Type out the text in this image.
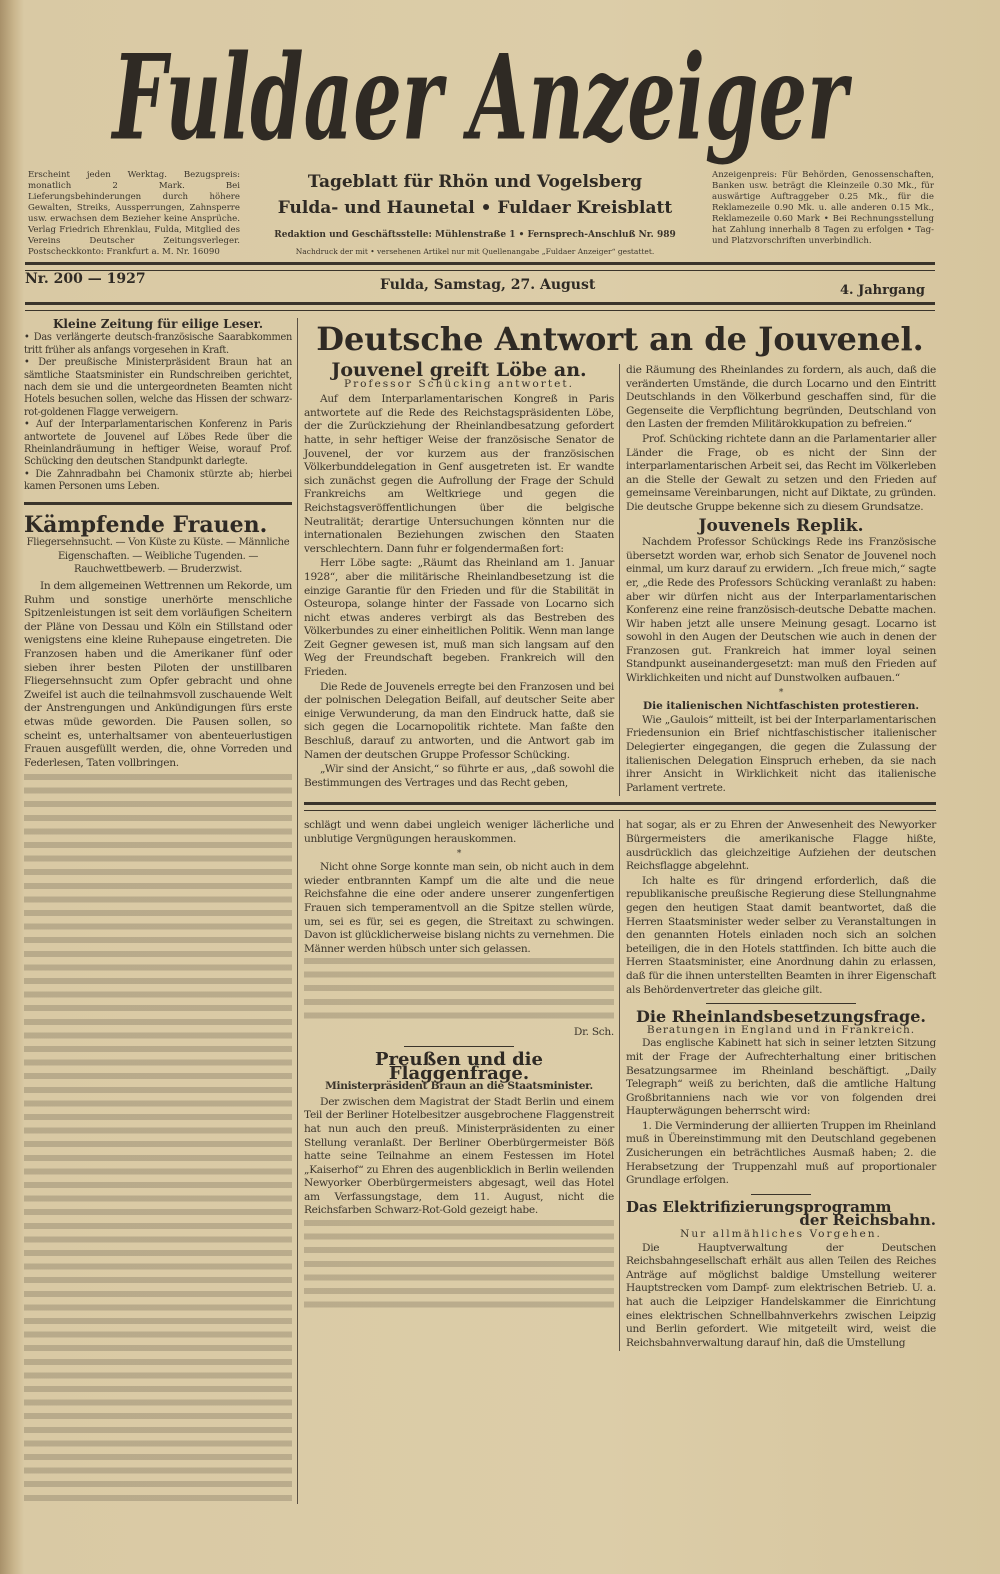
Fuldaer Anzeiger
Erscheint jeden Werktag. Bezugspreis: monatlich 2 Mark. Bei Lieferungsbehinderungen durch höhere Gewalten, Streiks, Aussperrungen, Zahnsperre usw. erwachsen dem Bezieher keine Ansprüche. Verlag Friedrich Ehrenklau, Fulda, Mitglied des Vereins Deutscher Zeitungsverleger. Postscheckkonto: Frankfurt a. M. Nr. 16090
Tageblatt für Rhön und Vogelsberg
Fulda- und Haunetal • Fuldaer Kreisblatt
Redaktion und Geschäftsstelle: Mühlenstraße 1 • Fernsprech-Anschluß Nr. 989
Nachdruck der mit • versehenen Artikel nur mit Quellenangabe „Fuldaer Anzeiger“ gestattet.
Anzeigenpreis: Für Behörden, Genossenschaften, Banken usw. beträgt die Kleinzeile 0.30 Mk., für auswärtige Auftraggeber 0.25 Mk., für die Reklamezeile 0.90 Mk. u. alle anderen 0.15 Mk., Reklamezeile 0.60 Mark • Bei Rechnungsstellung hat Zahlung innerhalb 8 Tagen zu erfolgen • Tag- und Platzvorschriften unverbindlich.
Nr. 200 — 1927	Fulda, Samstag, 27. August	4. Jahrgang
Kleine Zeitung für eilige Leser.
• Das verlängerte deutsch-französische Saarabkommen tritt früher als anfangs vorgesehen in Kraft.
• Der preußische Ministerpräsident Braun hat an sämtliche Staatsminister ein Rundschreiben gerichtet, nach dem sie und die untergeordneten Beamten nicht Hotels besuchen sollen, welche das Hissen der schwarz-rot-goldenen Flagge verweigern.
• Auf der Interparlamentarischen Konferenz in Paris antwortete de Jouvenel auf Löbes Rede über die Rheinlandräumung in heftiger Weise, worauf Prof. Schücking den deutschen Standpunkt darlegte.
• Die Zahnradbahn bei Chamonix stürzte ab; hierbei kamen Personen ums Leben.
Kämpfende Frauen.
Fliegersehnsucht. — Von Küste zu Küste. — Männliche Eigenschaften. — Weibliche Tugenden. — Rauchwettbewerb. — Bruderzwist.

In dem allgemeinen Wettrennen um Rekorde, um Ruhm und sonstige unerhörte menschliche Spitzenleistungen ist seit dem vorläufigen Scheitern der Pläne von Dessau und Köln ein Stillstand oder wenigstens eine kleine Ruhepause eingetreten. Die Franzosen haben und die Amerikaner fünf oder sieben ihrer besten Piloten der unstillbaren Fliegersehnsucht zum Opfer gebracht und ohne Zweifel ist auch die teilnahmsvoll zuschauende Welt der Anstrengungen und Ankündigungen fürs erste etwas müde geworden. Die Pausen sollen, so scheint es, unterhaltsamer von abenteuerlustigen Frauen ausgefüllt werden, die, ohne Vorreden und Federlesen, Taten vollbringen.

Deutsche Antwort an de Jouvenel.
Jouvenel greift Löbe an.
Professor Schücking antwortet.

Auf dem Interparlamentarischen Kongreß in Paris antwortete auf die Rede des Reichstagspräsidenten Löbe, der die Zurückziehung der Rheinlandbesatzung gefordert hatte, in sehr heftiger Weise der französische Senator de Jouvenel, der vor kurzem aus der französischen Völkerbunddelegation in Genf ausgetreten ist. Er wandte sich zunächst gegen die Aufrollung der Frage der Schuld Frankreichs am Weltkriege und gegen die Reichstagsveröffentlichungen über die belgische Neutralität; derartige Untersuchungen könnten nur die internationalen Beziehungen zwischen den Staaten verschlechtern. Dann fuhr er folgendermaßen fort:

Herr Löbe sagte: „Räumt das Rheinland am 1. Januar 1928“, aber die militärische Rheinlandbesetzung ist die einzige Garantie für den Frieden und für die Stabilität in Osteuropa, solange hinter der Fassade von Locarno sich nicht etwas anderes verbirgt als das Bestreben des Völkerbundes zu einer einheitlichen Politik. Wenn man lange Zeit Gegner gewesen ist, muß man sich langsam auf den Weg der Freundschaft begeben. Frankreich will den Frieden.

Die Rede de Jouvenels erregte bei den Franzosen und bei der polnischen Delegation Beifall, auf deutscher Seite aber einige Verwunderung, da man den Eindruck hatte, daß sie sich gegen die Locarnopolitik richtete. Man faßte den Beschluß, darauf zu antworten, und die Antwort gab im Namen der deutschen Gruppe Professor Schücking.

„Wir sind der Ansicht,“ so führte er aus, „daß sowohl die Bestimmungen des Vertrages und das Recht geben,

die Räumung des Rheinlandes zu fordern, als auch, daß die veränderten Umstände, die durch Locarno und den Eintritt Deutschlands in den Völkerbund geschaffen sind, für die Gegenseite die Verpflichtung begründen, Deutschland von den Lasten der fremden Militärokkupation zu befreien.“

Prof. Schücking richtete dann an die Parlamentarier aller Länder die Frage, ob es nicht der Sinn der interparlamentarischen Arbeit sei, das Recht im Völkerleben an die Stelle der Gewalt zu setzen und den Frieden auf gemeinsame Vereinbarungen, nicht auf Diktate, zu gründen. Die deutsche Gruppe bekenne sich zu diesem Grundsatze.

Jouvenels Replik.

Nachdem Professor Schückings Rede ins Französische übersetzt worden war, erhob sich Senator de Jouvenel noch einmal, um kurz darauf zu erwidern. „Ich freue mich,“ sagte er, „die Rede des Professors Schücking veranlaßt zu haben: aber wir dürfen nicht aus der Interparlamentarischen Konferenz eine reine französisch-deutsche Debatte machen. Wir haben jetzt alle unsere Meinung gesagt. Locarno ist sowohl in den Augen der Deutschen wie auch in denen der Franzosen gut. Frankreich hat immer loyal seinen Standpunkt auseinandergesetzt: man muß den Frieden auf Wirklichkeiten und nicht auf Dunstwolken aufbauen.“

*
Die italienischen Nichtfaschisten protestieren.

Wie „Gaulois“ mitteilt, ist bei der Interparlamentarischen Friedensunion ein Brief nichtfaschistischer italienischer Delegierter eingegangen, die gegen die Zulassung der italienischen Delegation Einspruch erheben, da sie nach ihrer Ansicht in Wirklichkeit nicht das italienische Parlament vertrete.

schlägt und wenn dabei ungleich weniger lächerliche und unblutige Vergnügungen herauskommen.

*

Nicht ohne Sorge konnte man sein, ob nicht auch in dem wieder entbrannten Kampf um die alte und die neue Reichsfahne die eine oder andere unserer zungenfertigen Frauen sich temperamentvoll an die Spitze stellen würde, um, sei es für, sei es gegen, die Streitaxt zu schwingen. Davon ist glücklicherweise bislang nichts zu vernehmen. Die Männer werden hübsch unter sich gelassen.

Dr. Sch.
Preußen und die Flaggenfrage.
Ministerpräsident Braun an die Staatsminister.

Der zwischen dem Magistrat der Stadt Berlin und einem Teil der Berliner Hotelbesitzer ausgebrochene Flaggenstreit hat nun auch den preuß. Ministerpräsidenten zu einer Stellung veranlaßt. Der Berliner Oberbürgermeister Böß hatte seine Teilnahme an einem Festessen im Hotel „Kaiserhof“ zu Ehren des augenblicklich in Berlin weilenden Newyorker Oberbürgermeisters abgesagt, weil das Hotel am Verfassungstage, dem 11. August, nicht die Reichsfarben Schwarz-Rot-Gold gezeigt habe.

hat sogar, als er zu Ehren der Anwesenheit des Newyorker Bürgermeisters die amerikanische Flagge hißte, ausdrücklich das gleichzeitige Aufziehen der deutschen Reichsflagge abgelehnt.

Ich halte es für dringend erforderlich, daß die republikanische preußische Regierung diese Stellungnahme gegen den heutigen Staat damit beantwortet, daß die Herren Staatsminister weder selber zu Veranstaltungen in den genannten Hotels einladen noch sich an solchen beteiligen, die in den Hotels stattfinden. Ich bitte auch die Herren Staatsminister, eine Anordnung dahin zu erlassen, daß für die ihnen unterstellten Beamten in ihrer Eigenschaft als Behördenvertreter das gleiche gilt.

Die Rheinlandsbesetzungsfrage.
Beratungen in England und in Frankreich.

Das englische Kabinett hat sich in seiner letzten Sitzung mit der Frage der Aufrechterhaltung einer britischen Besatzungsarmee im Rheinland beschäftigt. „Daily Telegraph“ weiß zu berichten, daß die amtliche Haltung Großbritanniens nach wie vor von folgenden drei Haupterwägungen beherrscht wird:

1. Die Verminderung der alliierten Truppen im Rheinland muß in Übereinstimmung mit den Deutschland gegebenen Zusicherungen ein beträchtliches Ausmaß haben; 2. die Herabsetzung der Truppenzahl muß auf proportionaler Grundlage erfolgen.

Das Elektrifizierungsprogramm
der Reichsbahn.
Nur allmähliches Vorgehen.

Die Hauptverwaltung der Deutschen Reichsbahngesellschaft erhält aus allen Teilen des Reiches Anträge auf möglichst baldige Umstellung weiterer Hauptstrecken vom Dampf- zum elektrischen Betrieb. U. a. hat auch die Leipziger Handelskammer die Einrichtung eines elektrischen Schnellbahnverkehrs zwischen Leipzig und Berlin gefordert. Wie mitgeteilt wird, weist die Reichsbahnverwaltung darauf hin, daß die Umstellung
